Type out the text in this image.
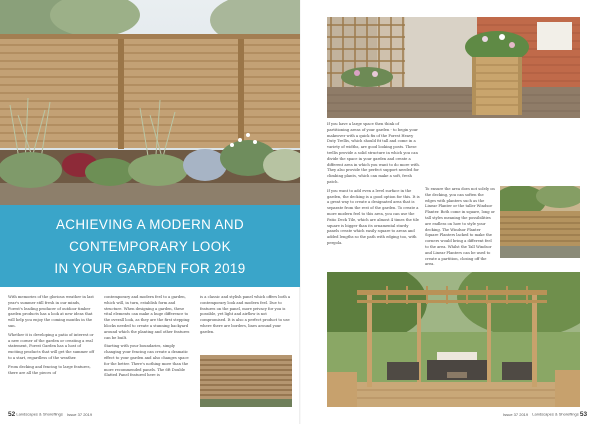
ACHIEVING A MODERN AND
CONTEMPORARY LOOK
IN YOUR GARDEN FOR 2019

With memories of the glorious weather in last year's summer still fresh in our minds, Forest's leading producer of outdoor timber garden products has a look at new ideas that will help you enjoy the coming months in the sun.

Whether it is developing a patio of interest or a new corner of the garden or creating a real statement, Forest Garden has a host of exciting products that will get the summer off to a start, regardless of the weather.

From decking and fencing to large features, there are all the pieces of

contemporary and modern feel to a garden, which will, in turn, establish form and structure. When designing a garden, these vital elements can make a huge difference to the overall look, as they are the first stepping blocks needed to create a stunning backyard around which the planting and other features can be built.

Starting with your boundaries, simply changing your fencing can create a dramatic effect to your garden and also changes space for the better. There's nothing more than the more recommended panels. The 6ft Double Slatted Panel featured here is

is a classic and stylish panel which offers both a contemporary look and modern feel. Due to features on the panel, more privacy for you is possible, yet light and airflow is not compromised. It is also a perfect product to use where there are borders, lines around your garden.

52 Landscapes & Shoreflings Issue 37 2019

If you have a large space then think of partitioning areas of your garden - to begin your makeover with a quick fix of the Forest Heavy Duty Trellis, which should fit tall and come in a variety of widths, are good looking posts. These trellis provide a solid structure in which you can divide the space in your garden and create a different area in which you want to do more with. They also provide the perfect support needed for climbing plants, which can make a soft, fresh patch.

If you want to add even a level surface in the garden, the decking is a good option for this. It is a great way to create a designated area that is separate from the rest of the garden. To create a more modern feel to this area, you can use the Patio Deck Tile, which are almost 4 times the tile square is bigger than its ornamental sturdy panels create which easily square to areas and added lengths so the path with edging too, with pergola.

To ensure the area does not solely on the decking, you can soften the edges with planters such as the Linear Planter or the taller Windsor Planter. Both come in square, long or tall styles meaning the possibilities are endless on how to style your decking. The Windsor Planter Square Planters lacked to make the corners would bring a different feel to the area. Whilst the Tall Windsor and Linear Planters can be used to create a partition, closing off the area.

Issue 37 2019 Landscapes & Shoreflings 53
